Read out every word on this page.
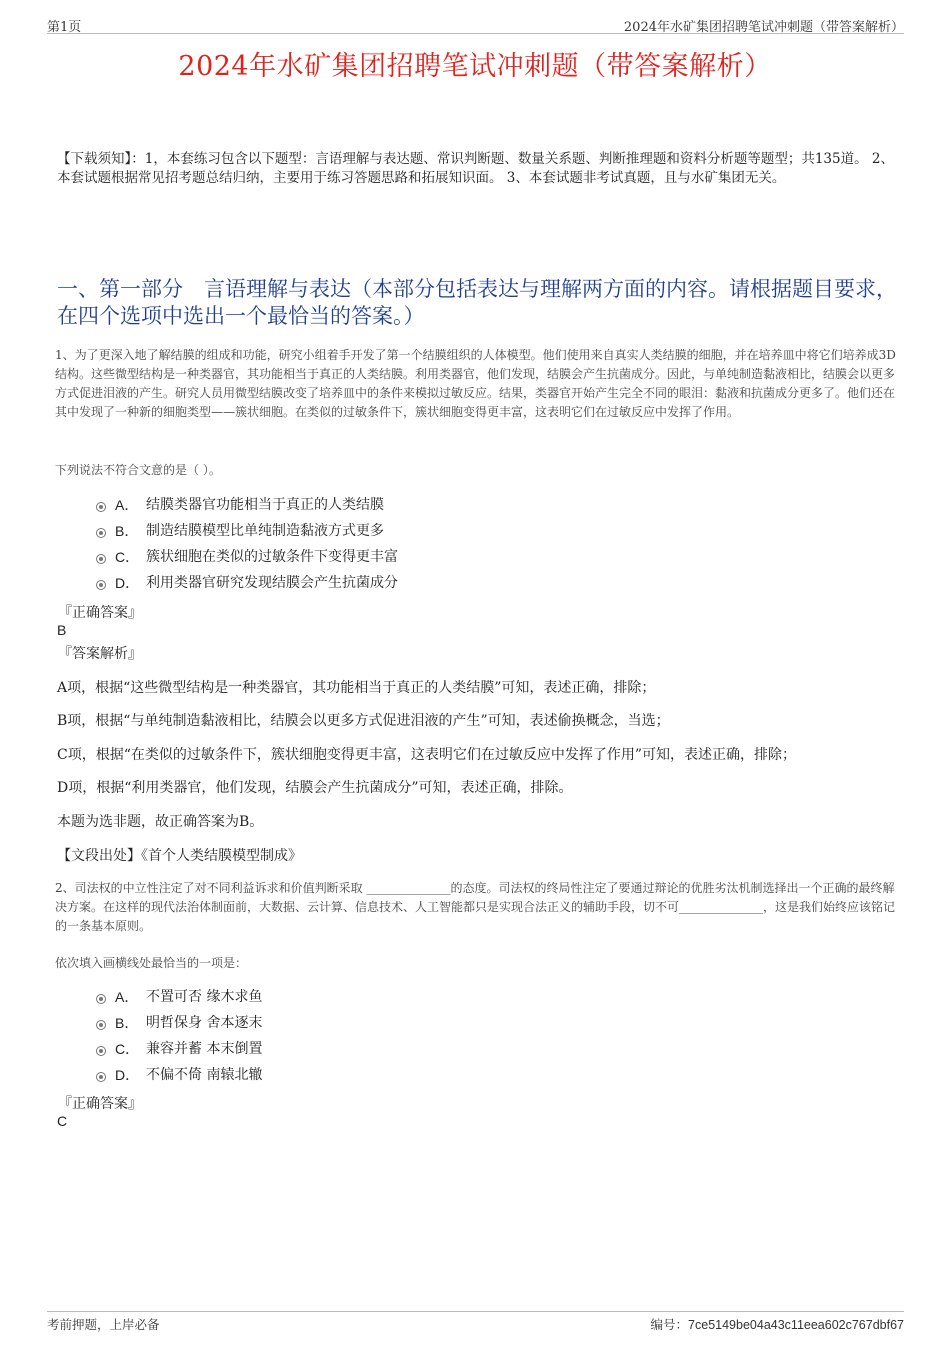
第1页	2024年水矿集团招聘笔试冲刺题（带答案解析）
2024年水矿集团招聘笔试冲刺题（带答案解析）
【下载须知】：1，本套练习包含以下题型：言语理解与表达题、常识判断题、数量关系题、判断推理题和资料分析题等题型；共135道。 2、本套试题根据常见招考题总结归纳，主要用于练习答题思路和拓展知识面。 3、本套试题非考试真题，且与水矿集团无关。
一、第一部分　言语理解与表达（本部分包括表达与理解两方面的内容。请根据题目要求，在四个选项中选出一个最恰当的答案。）
1、为了更深入地了解结膜的组成和功能，研究小组着手开发了第一个结膜组织的人体模型。他们使用来自真实人类结膜的细胞，并在培养皿中将它们培养成3D结构。这些微型结构是一种类器官，其功能相当于真正的人类结膜。利用类器官，他们发现，结膜会产生抗菌成分。因此，与单纯制造黏液相比，结膜会以更多方式促进泪液的产生。研究人员用微型结膜改变了培养皿中的条件来模拟过敏反应。结果，类器官开始产生完全不同的眼泪：黏液和抗菌成分更多了。他们还在其中发现了一种新的细胞类型——簇状细胞。在类似的过敏条件下，簇状细胞变得更丰富，这表明它们在过敏反应中发挥了作用。
下列说法不符合文意的是（ ）。
A． 结膜类器官功能相当于真正的人类结膜
B． 制造结膜模型比单纯制造黏液方式更多
C． 簇状细胞在类似的过敏条件下变得更丰富
D． 利用类器官研究发现结膜会产生抗菌成分
『正确答案』
B
『答案解析』
A项，根据“这些微型结构是一种类器官，其功能相当于真正的人类结膜”可知，表述正确，排除；
B项，根据“与单纯制造黏液相比，结膜会以更多方式促进泪液的产生”可知，表述偷换概念，当选；
C项，根据“在类似的过敏条件下，簇状细胞变得更丰富，这表明它们在过敏反应中发挥了作用”可知，表述正确，排除；
D项，根据“利用类器官，他们发现，结膜会产生抗菌成分”可知，表述正确，排除。
本题为选非题，故正确答案为B。
【文段出处】《首个人类结膜模型制成》
2、司法权的中立性注定了对不同利益诉求和价值判断采取 ______________的态度。司法权的终局性注定了要通过辩论的优胜劣汰机制选择出一个正确的最终解决方案。在这样的现代法治体制面前，大数据、云计算、信息技术、人工智能都只是实现合法正义的辅助手段，切不可______________，这是我们始终应该铭记的一条基本原则。
依次填入画横线处最恰当的一项是：
A． 不置可否 缘木求鱼
B． 明哲保身 舍本逐末
C． 兼容并蓄 本末倒置
D． 不偏不倚 南辕北辙
『正确答案』
C
考前押题，上岸必备	编号：7ce5149be04a43c11eea602c767dbf67
